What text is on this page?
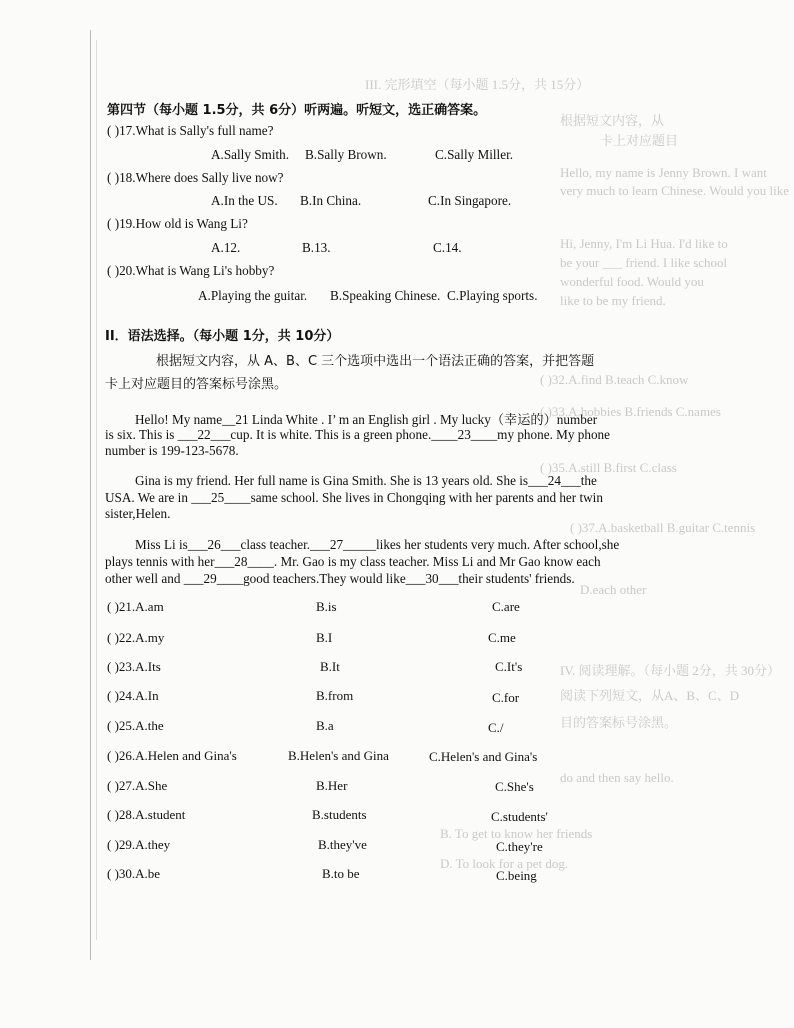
III. 完形填空（每小题 1.5分，共 15分）
根据短文内容，从
卡上对应题目
Hello, my name is Jenny Brown. I want
very much to learn Chinese. Would you like
Hi, Jenny, I'm Li Hua. I'd like to
be your ___ friend. I like school
wonderful food. Would you
like to be my friend.
( )32.A.find B.teach C.know
( )33.A.hobbies B.friends C.names
( )35.A.still B.first C.class
( )37.A.basketball B.guitar C.tennis
D.each other
IV. 阅读理解。（每小题 2分，共 30分）
阅读下列短文，从A、B、C、D
目的答案标号涂黑。
do and then say hello.
B. To get to know her friends
D. To look for a pet dog.
第四节（每小题 1.5分，共 6分）听两遍。听短文，选正确答案。
( )17.What is Sally's full name?
A.Sally Smith. B.Sally Brown.	C.Sally Miller.
( )18.Where does Sally live now?
A.In the US. B.In China.	C.In Singapore.
( )19.How old is Wang Li?
A.12.	B.13.	C.14.
( )20.What is Wang Li's hobby?
A.Playing the guitar. B.Speaking Chinese. C.Playing sports.
II．语法选择。（每小题 1分，共 10分）
根据短文内容，从 A、B、C 三个选项中选出一个语法正确的答案，并把答题
卡上对应题目的答案标号涂黑。
Hello! My name__21 Linda White . I’ m an English girl . My lucky（幸运的）number
is six. This is ___22___cup. It is white. This is a green phone.____23____my phone. My phone
number is 199-123-5678.
Gina is my friend. Her full name is Gina Smith. She is 13 years old. She is___24___the
USA. We are in ___25____same school. She lives in Chongqing with her parents and her twin
sister,Helen.
Miss Li is___26___class teacher.___27_____likes her students very much. After school,she
plays tennis with her___28____. Mr. Gao is my class teacher. Miss Li and Mr Gao know each
other well and ___29____good teachers.They would like___30___their students' friends.
( )21.A.am	B.is	C.are
( )22.A.my	B.I	C.me
( )23.A.Its	B.It	C.It's
( )24.A.In	B.from	C.for
( )25.A.the	B.a	C./
( )26.A.Helen and Gina's	B.Helen's and Gina	C.Helen's and Gina's
( )27.A.She	B.Her	C.She's
( )28.A.student	B.students	C.students'
( )29.A.they	B.they've	C.they're
( )30.A.be	B.to be	C.being
